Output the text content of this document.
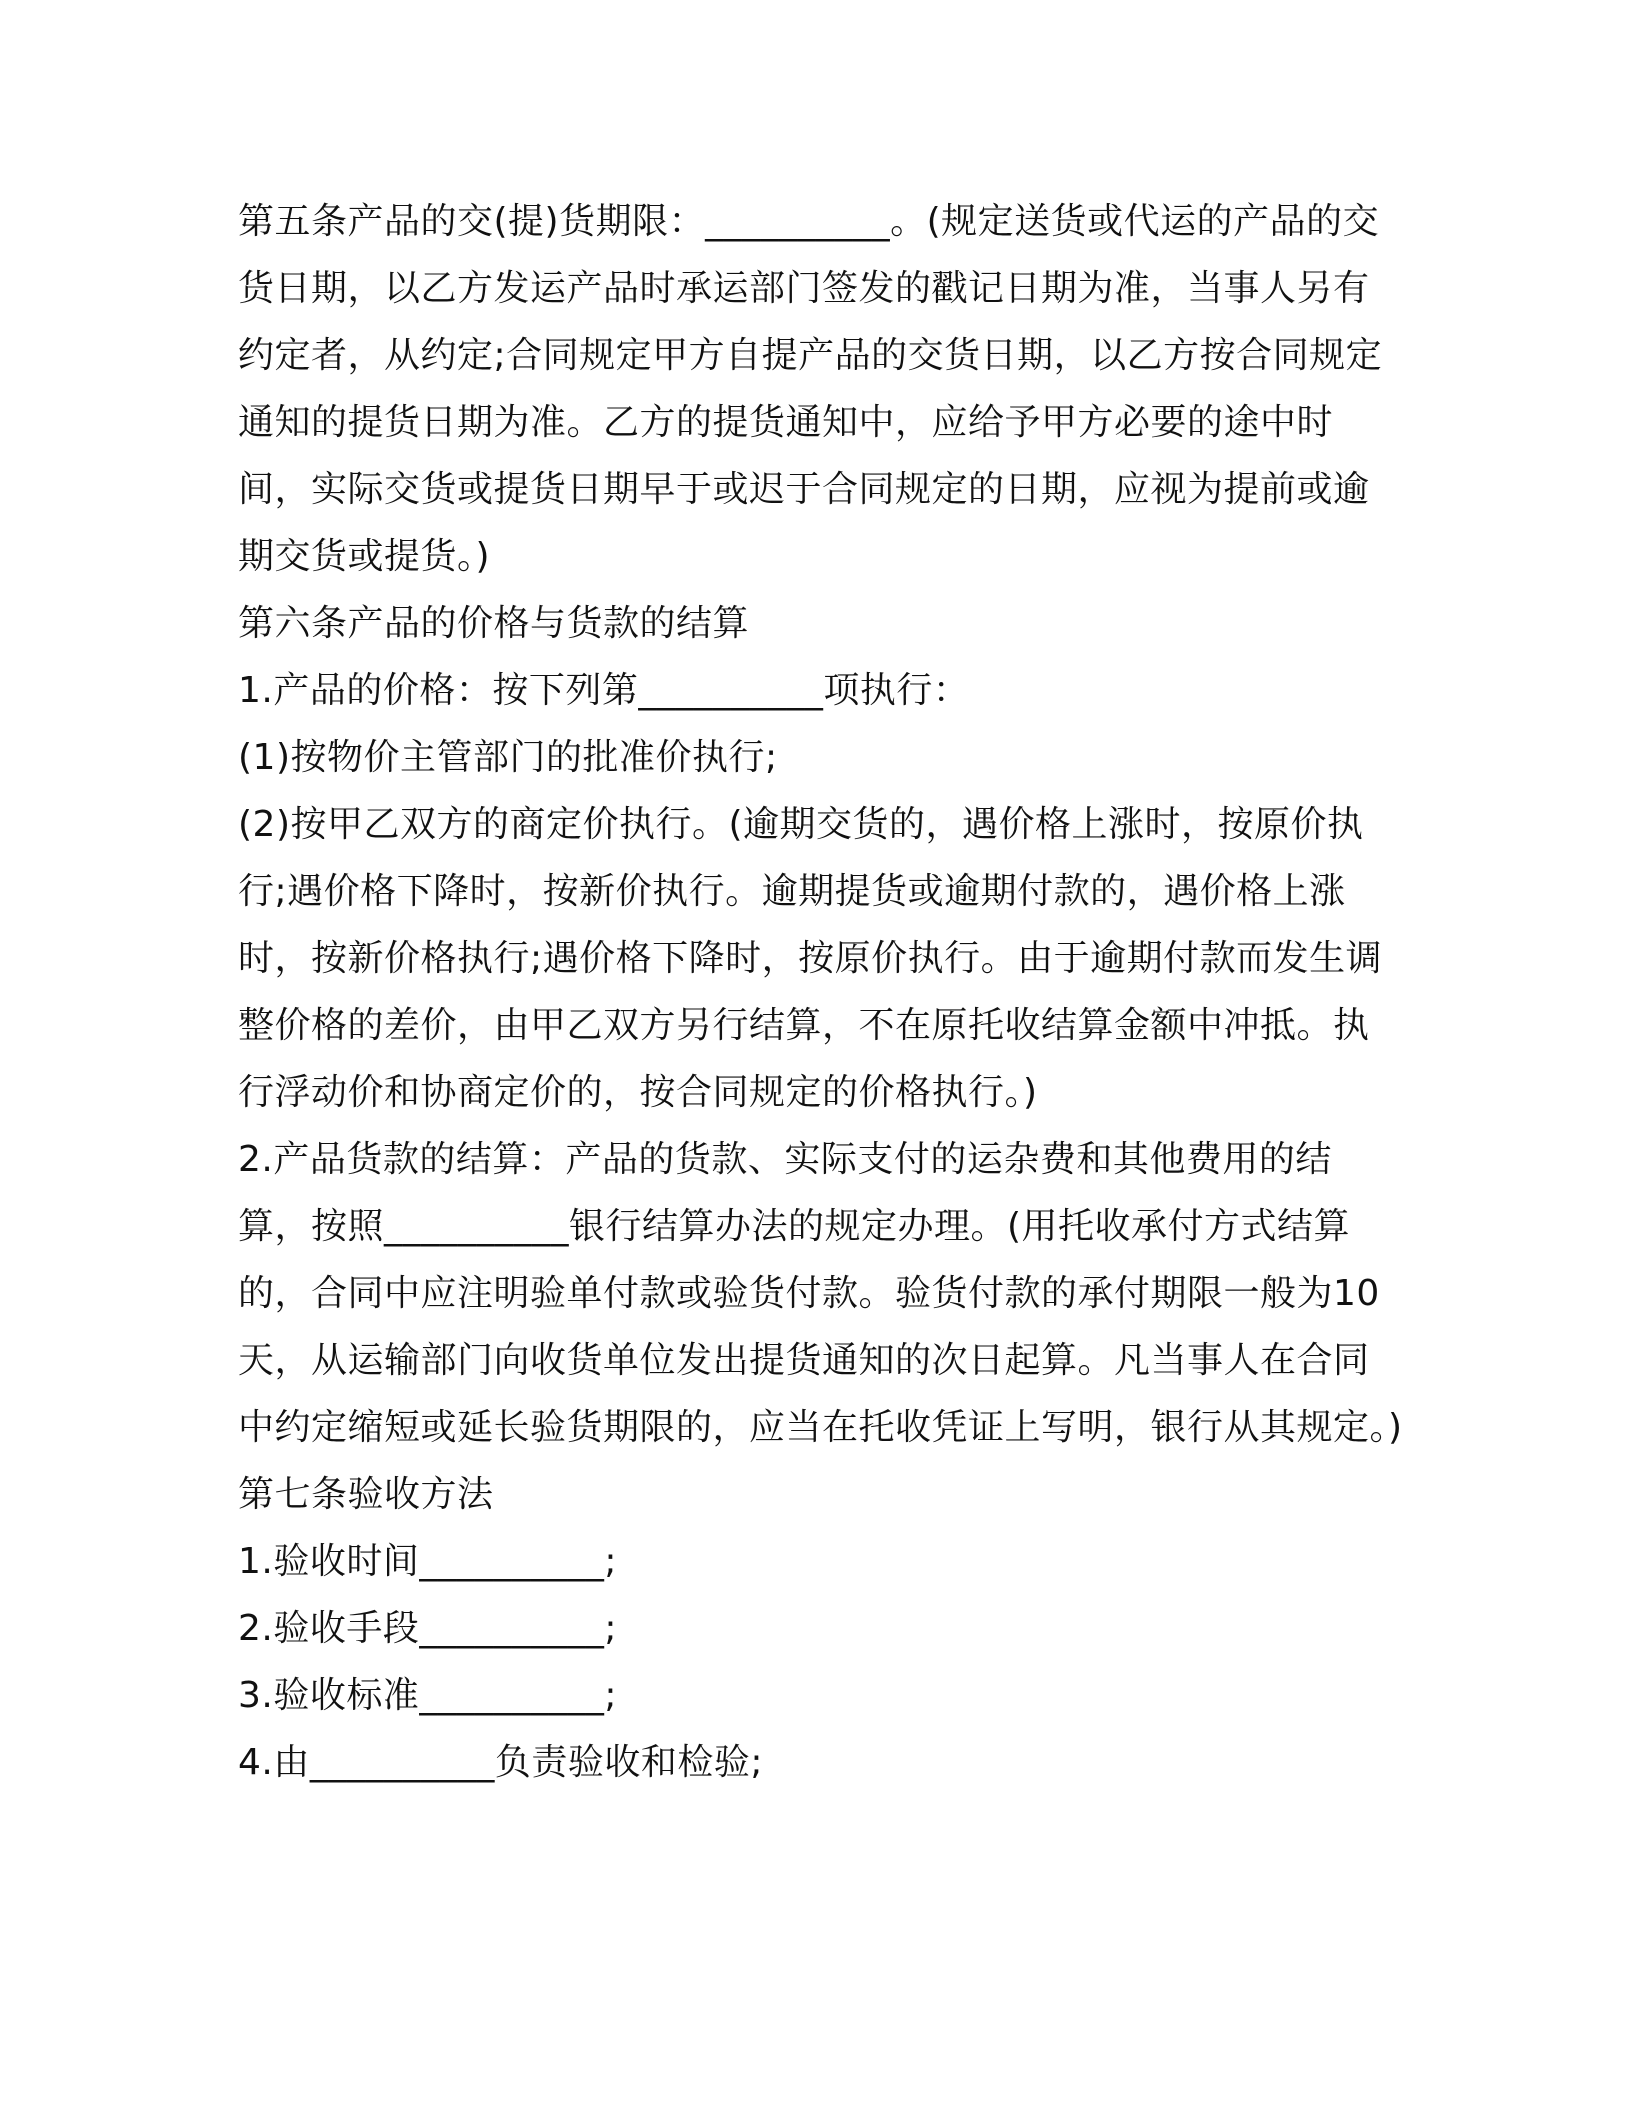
第五条产品的交(提)货期限：__________。(规定送货或代运的产品的交货日期，以乙方发运产品时承运部门签发的戳记日期为准，当事人另有约定者，从约定;合同规定甲方自提产品的交货日期，以乙方按合同规定通知的提货日期为准。乙方的提货通知中，应给予甲方必要的途中时间，实际交货或提货日期早于或迟于合同规定的日期，应视为提前或逾期交货或提货。)

第六条产品的价格与货款的结算

1.产品的价格：按下列第__________项执行：

(1)按物价主管部门的批准价执行;

(2)按甲乙双方的商定价执行。(逾期交货的，遇价格上涨时，按原价执行;遇价格下降时，按新价执行。逾期提货或逾期付款的，遇价格上涨时，按新价格执行;遇价格下降时，按原价执行。由于逾期付款而发生调整价格的差价，由甲乙双方另行结算，不在原托收结算金额中冲抵。执行浮动价和协商定价的，按合同规定的价格执行。)

2.产品货款的结算：产品的货款、实际支付的运杂费和其他费用的结算，按照__________银行结算办法的规定办理。(用托收承付方式结算的，合同中应注明验单付款或验货付款。验货付款的承付期限一般为10 天，从运输部门向收货单位发出提货通知的次日起算。凡当事人在合同中约定缩短或延长验货期限的，应当在托收凭证上写明，银行从其规定。)

第七条验收方法

1.验收时间__________;

2.验收手段__________;

3.验收标准__________;

4.由__________负责验收和检验;
